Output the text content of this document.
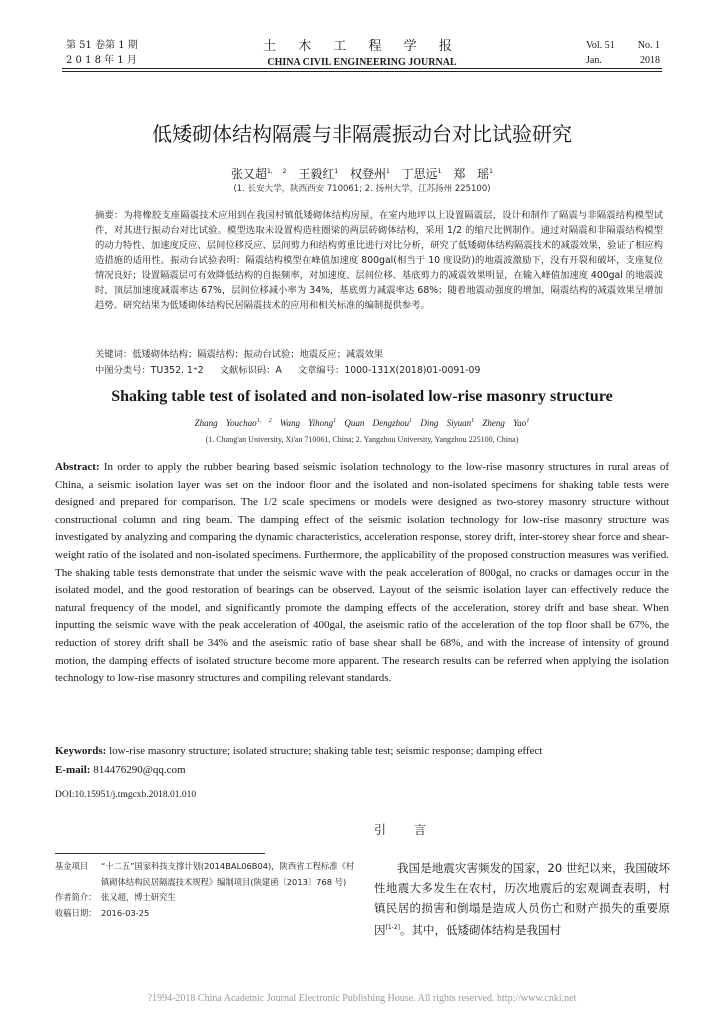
第 51 卷第 1 期
2 0 1 8 年 1 月
土 木 工 程 学 报
CHINA CIVIL ENGINEERING JOURNAL
Vol. 51 No. 1
Jan.	2018
低矮砌体结构隔震与非隔震振动台对比试验研究
张又超$^{1, 2}$ 王毅红$^1$ 权登州$^1$ 丁思远$^1$ 郑 瑶$^1$
(1. 长安大学，陕西西安 710061; 2. 扬州大学，江苏扬州 225100)
摘要：为将橡胶支座隔震技术应用到在我国村镇低矮砌体结构房屋，在室内地坪以上设置隔震层，设计和制作了隔震与非隔震结构模型试件，对其进行振动台对比试验。模型选取未设置构造柱圈梁的两层砖砌体结构，采用 1/2 的缩尺比例制作。通过对隔震和非隔震结构模型的动力特性、加速度反应、层间位移反应、层间剪力和结构剪重比进行对比分析，研究了低矮砌体结构隔震技术的减震效果，验证了相应构造措施的适用性。振动台试验表明：隔震结构模型在峰值加速度 800gal(相当于 10 度设防)的地震波激励下，没有开裂和破坏，支座复位情况良好；设置隔震层可有效降低结构的自振频率，对加速度、层间位移、基底剪力的减震效果明显，在输入峰值加速度 400gal 的地震波时，顶层加速度减震率达 67%，层间位移减小率为 34%，基底剪力减震率达 68%；随着地震动强度的增加，隔震结构的减震效果呈增加趋势。研究结果为低矮砌体结构民居隔震技术的应用和相关标准的编制提供参考。
关键词：低矮砌体结构；隔震结构；振动台试验；地震反应；减震效果
中图分类号：TU352. 1⁺2 文献标识码：A 文章编号：1000-131X(2018)01-0091-09
Shaking table test of isolated and non-isolated low-rise masonry structure
Zhang Youchao$^{1, 2}$ Wang Yihong$^1$ Quan Dengzhou$^1$ Ding Siyuan$^1$ Zheng Yao$^1$
(1. Chang'an University, Xi'an 710061, China; 2. Yangzhou University, Yangzhou 225100, China)
Abstract: In order to apply the rubber bearing based seismic isolation technology to the low-rise masonry structures in rural areas of China, a seismic isolation layer was set on the indoor floor and the isolated and non-isolated specimens for shaking table tests were designed and prepared for comparison. The 1/2 scale specimens or models were designed as two-storey masonry structure without constructional column and ring beam. The damping effect of the seismic isolation technology for low-rise masonry structure was investigated by analyzing and comparing the dynamic characteristics, acceleration response, storey drift, inter-storey shear force and shear-weight ratio of the isolated and non-isolated specimens. Furthermore, the applicability of the proposed construction measures was verified. The shaking table tests demonstrate that under the seismic wave with the peak acceleration of 800gal, no cracks or damages occur in the isolated model, and the good restoration of bearings can be observed. Layout of the seismic isolation layer can effectively reduce the natural frequency of the model, and significantly promote the damping effects of the acceleration, storey drift and base shear. When inputting the seismic wave with the peak acceleration of 400gal, the aseismic ratio of the acceleration of the top floor shall be 67%, the reduction of storey drift shall be 34% and the aseismic ratio of base shear shall be 68%, and with the increase of intensity of ground motion, the damping effects of isolated structure become more apparent. The research results can be referred when applying the isolation technology to low-rise masonry structures and compiling relevant standards.
Keywords: low-rise masonry structure; isolated structure; shaking table test; seismic response; damping effect
E-mail: 814476290@qq.com
DOI:10.15951/j.tmgcxb.2018.01.010
引言
我国是地震灾害频发的国家，20 世纪以来，我国破坏性地震大多发生在农村，历次地震后的宏观调查表明，村镇民居的损害和倒塌是造成人员伤亡和财产损失的重要原因[1-2]。其中，低矮砌体结构是我国村
基金项目	“十二五”国家科技支撑计划(2014BAL06B04)，陕西省工程标准《村镇砌体结构民居隔震技术规程》编制项目(陕建函〔2013〕768 号)
作者简介： 张又超，博士研究生
收稿日期： 2016-03-25
?1994-2018 China Academic Journal Electronic Publishing House. All rights reserved. http://www.cnki.net
